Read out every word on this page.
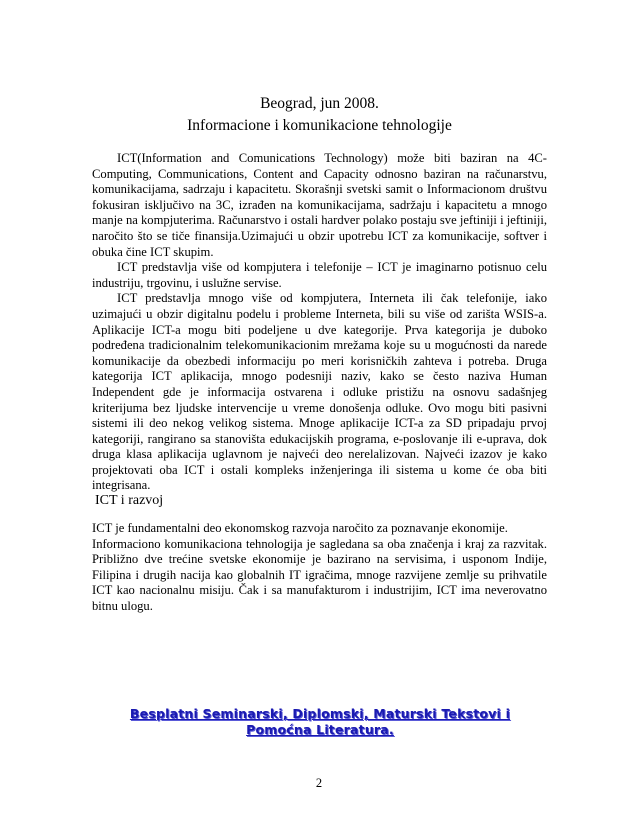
Beograd, jun 2008.
Informacione i komunikacione tehnologije

ICT(Information and Comunications Technology) može biti baziran na 4C-Computing, Communications, Content and Capacity odnosno baziran na računarstvu, komunikacijama, sadrzaju i kapacitetu. Skorašnji svetski samit o Informacionom društvu fokusiran isključivo na 3C, izrađen na komunikacijama, sadržaju i kapacitetu a mnogo manje na kompjuterima. Računarstvo i ostali hardver polako postaju sve jeftiniji i jeftiniji, naročito što se tiče finansija.Uzimajući u obzir upotrebu ICT za komunikacije, softver i obuka čine ICT skupim.

ICT predstavlja više od kompjutera i telefonije – ICT je imaginarno potisnuo celu industriju, trgovinu, i uslužne servise.

ICT predstavlja mnogo više od kompjutera, Interneta ili čak telefonije, iako uzimajući u obzir digitalnu podelu i probleme Interneta, bili su više od zarišta WSIS-a. Aplikacije ICT-a mogu biti podeljene u dve kategorije. Prva kategorija je duboko podređena tradicionalnim telekomunikacionim mrežama koje su u mogućnosti da narede komunikacije da obezbedi informaciju po meri korisničkih zahteva i potreba. Druga kategorija ICT aplikacija, mnogo podesniji naziv, kako se često naziva Human Independent gde je informacija ostvarena i odluke pristižu na osnovu sadašnjeg kriterijuma bez ljudske intervencije u vreme donošenja odluke. Ovo mogu biti pasivni sistemi ili deo nekog velikog sistema. Mnoge aplikacije ICT-a za SD pripadaju prvoj kategoriji, rangirano sa stanovišta edukacijskih programa, e-poslovanje ili e-uprava, dok druga klasa aplikacija uglavnom je najveći deo nerelalizovan. Najveći izazov je kako projektovati oba ICT i ostali kompleks inženjeringa ili sistema u kome će oba biti integrisana.

ICT i razvoj

ICT je fundamentalni deo ekonomskog razvoja naročito za poznavanje ekonomije.

Informaciono komunikaciona tehnologija je sagledana sa oba značenja i kraj za razvitak. Približno dve trećine svetske ekonomije je bazirano na servisima, i usponom Indije, Filipina i drugih nacija kao globalnih IT igračima, mnoge razvijene zemlje su prihvatile ICT kao nacionalnu misiju. Čak i sa manufakturom i industrijim, ICT ima neverovatno bitnu ulogu.

Besplatni Seminarski, Diplomski, Maturski Tekstovi i Pomoćna Literatura.
2
